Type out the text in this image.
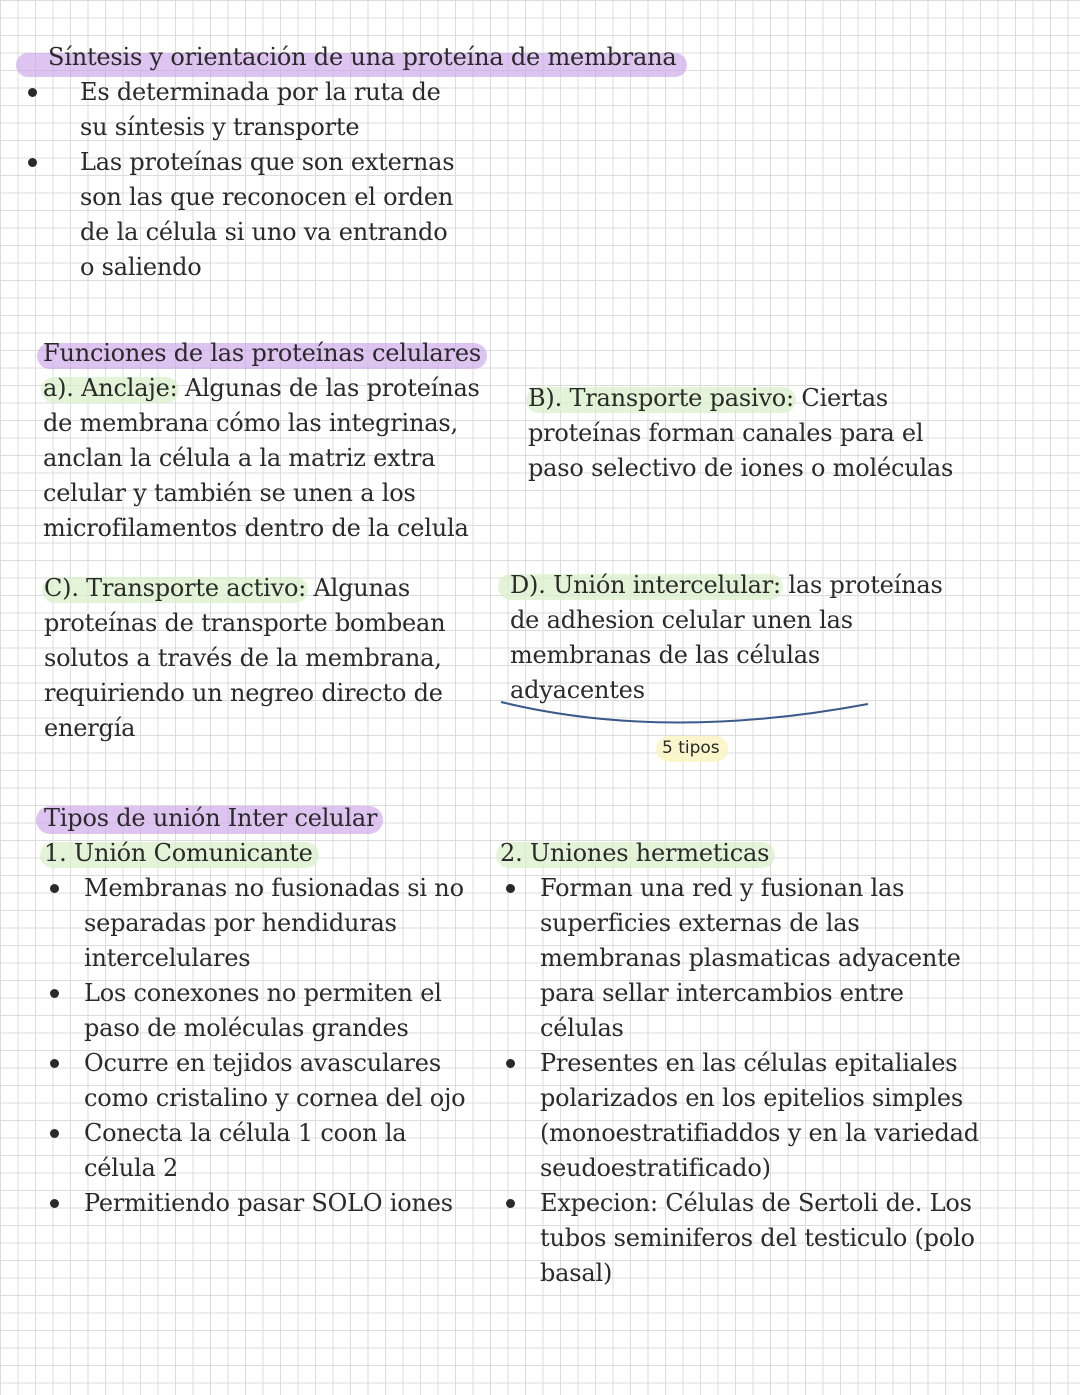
Síntesis y orientación de una proteína de membrana
Es determinada por la ruta de su síntesis y transporte
Las proteínas que son externas son las que reconocen el orden de la célula si uno va entrando o saliendo
Funciones de las proteínas celulares

a). Anclaje: Algunas de las proteínas de membrana cómo las integrinas, anclan la célula a la matriz extra celular y también se unen a los microfilamentos dentro de la celula

B). Transporte pasivo: Ciertas proteínas forman canales para el paso selectivo de iones o moléculas

C). Transporte activo: Algunas proteínas de transporte bombean solutos a través de la membrana, requiriendo un negreo directo de energía

D). Unión intercelular: las proteínas de adhesion celular unen las membranas de las células adyacentes

5 tipos
Tipos de unión Inter celular
1. Unión Comunicante
Membranas no fusionadas si no separadas por hendiduras intercelulares
Los conexones no permiten el paso de moléculas grandes
Ocurre en tejidos avasculares como cristalino y cornea del ojo
Conecta la célula 1 coon la célula 2
Permitiendo pasar SOLO iones
2. Uniones hermeticas
Forman una red y fusionan las superficies externas de las membranas plasmaticas adyacente para sellar intercambios entre células
Presentes en las células epitaliales polarizados en los epitelios simples (monoestratifiaddos y en la variedad seudoestratificado)
Expecion: Células de Sertoli de. Los tubos seminiferos del testiculo (polo basal)
